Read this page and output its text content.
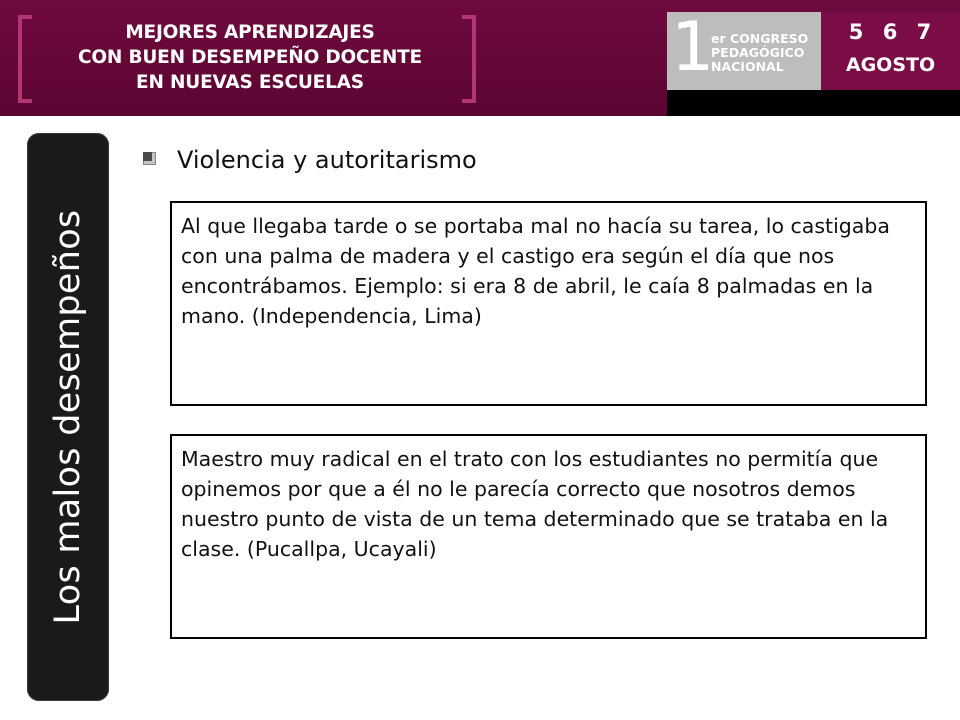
MEJORES APRENDIZAJES
CON BUEN DESEMPEÑO DOCENTE
EN NUEVAS ESCUELAS	1
er CONGRESO
PEDAGÓGICO
NACIONAL
5 6 7
AGOSTO
Los malos desempeños
Violencia y autoritarismo
Al que llegaba tarde o se portaba mal no hacía su tarea, lo castigaba con una palma de madera y el castigo era según el día que nos encontrábamos. Ejemplo: si era 8 de abril, le caía 8 palmadas en la mano. (Independencia, Lima)
Maestro muy radical en el trato con los estudiantes no permitía que opinemos por que a él no le parecía correcto que nosotros demos nuestro punto de vista de un tema determinado que se trataba en la clase. (Pucallpa, Ucayali)
